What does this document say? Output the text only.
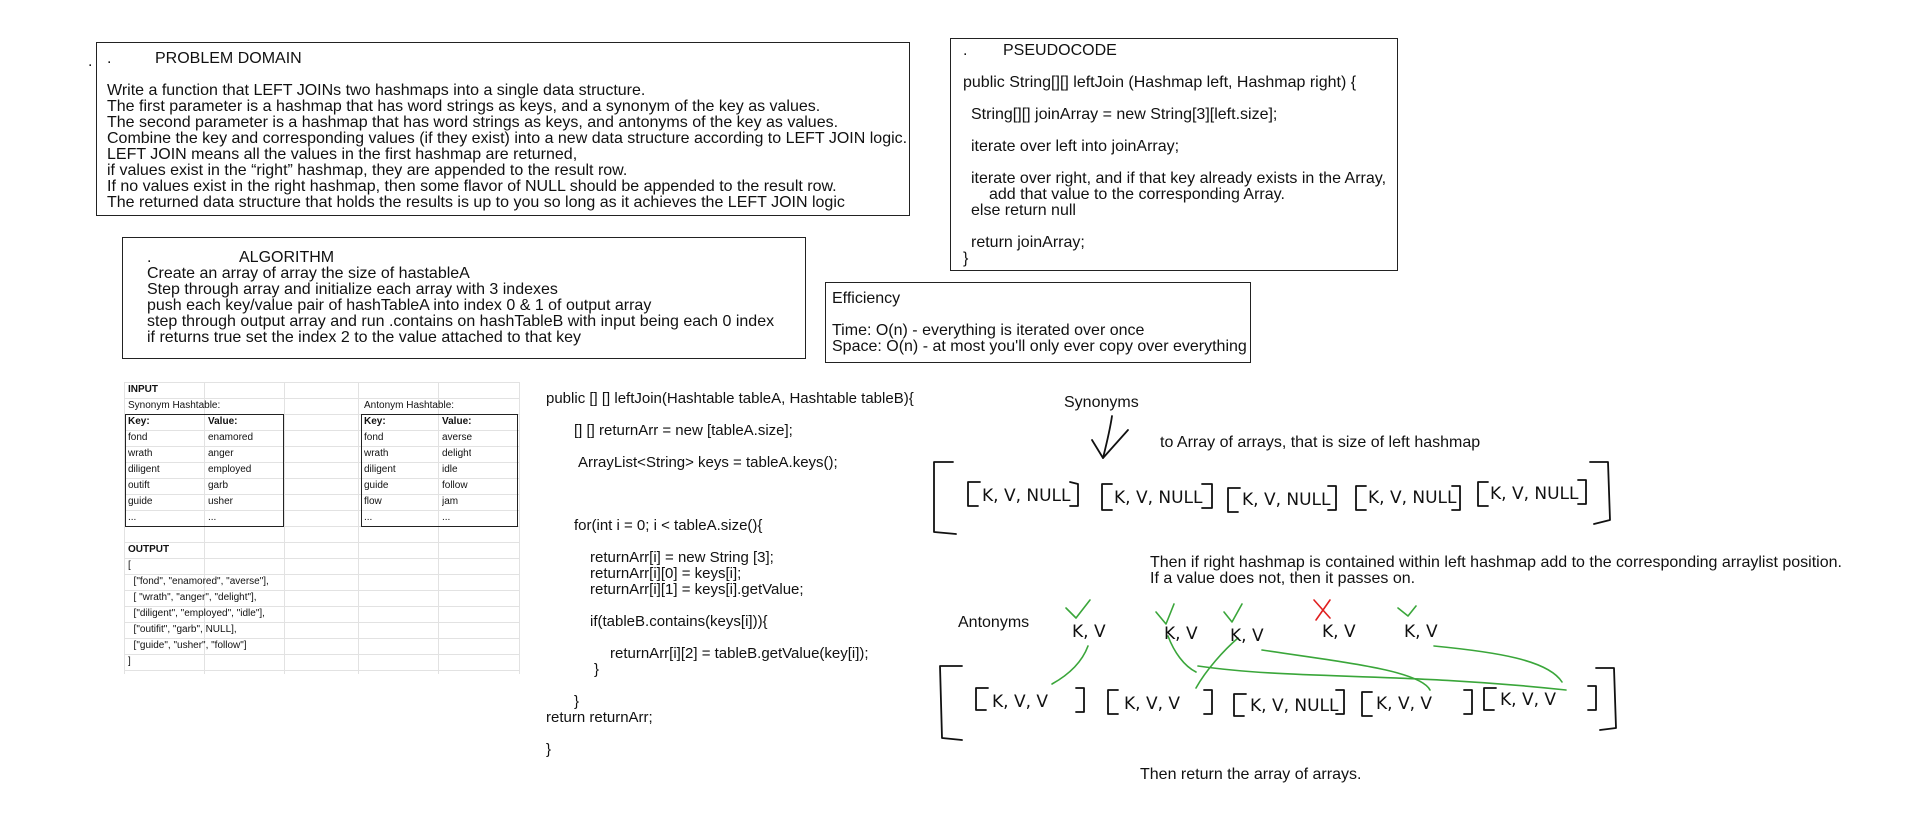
. .	PROBLEM DOMAIN
Write a function that LEFT JOINs two hashmaps into a single data structure.
The first parameter is a hashmap that has word strings as keys, and a synonym of the key as values.
The second parameter is a hashmap that has word strings as keys, and antonyms of the key as values.
Combine the key and corresponding values (if they exist) into a new data structure according to LEFT JOIN logic.
LEFT JOIN means all the values in the first hashmap are returned,
if values exist in the “right” hashmap, they are appended to the result row.
If no values exist in the right hashmap, then some flavor of NULL should be appended to the result row.
The returned data structure that holds the results is up to you so long as it achieves the LEFT JOIN logic
. PSEUDOCODE
public String[][] leftJoin (Hashmap left, Hashmap right) {
String[][] joinArray = new String[3][left.size];
iterate over left into joinArray;
iterate over right, and if that key already exists in the Array,
add that value to the corresponding Array.
else return null
return joinArray;
}
.	ALGORITHM
Create an array of array the size of hastableA
Step through array and initialize each array with 3 indexes
push each key/value pair of hashTableA into index 0 & 1 of output array
step through output array and run .contains on hashTableB with input being each 0 index
if returns true set the index 2 to the value attached to that key
Efficiency
Time: O(n) - everything is iterated over once
Space: O(n) - at most you'll only ever copy over everything
INPUT
Synonym Hashtable:	Antonym Hashtable:
Key:	Value:	Key:	Value:
fond	enamored
wrath	anger
diligent	employed
outift	garb
guide	usher
...	...
fond	averse
wrath	delight
diligent	idle
guide	follow
flow	jam
...	...
OUTPUT
[
["fond", "enamored", "averse"],
[ "wrath", "anger", "delight"],
["diligent", "employed", "idle"],
["outifit", "garb", NULL],
["guide", "usher", "follow"]
]
public [] [] leftJoin(Hashtable tableA, Hashtable tableB){
[] [] returnArr = new [tableA.size];
ArrayList<String> keys = tableA.keys();
for(int i = 0; i < tableA.size(){
returnArr[i] = new String [3];
returnArr[i][0] = keys[i];
returnArr[i][1] = keys[i].getValue;
if(tableB.contains(keys[i])){
returnArr[i][2] = tableB.getValue(key[i]);
}
}
return returnArr;
}
Synonyms
to Array of arrays, that is size of left hashmap
K, V, NULL	K, V, NULL K, V, NULL K, V, NULL K, V, NULL
Then if right hashmap is contained within left hashmap add to the corresponding arraylist position.
If a value does not, then it passes on.
Antonyms	K, V	K, V K, V	K, V	K, V
K, V, V	K, V, V	K, V, NULL K, V, V	K, V, V
Then return the array of arrays.
